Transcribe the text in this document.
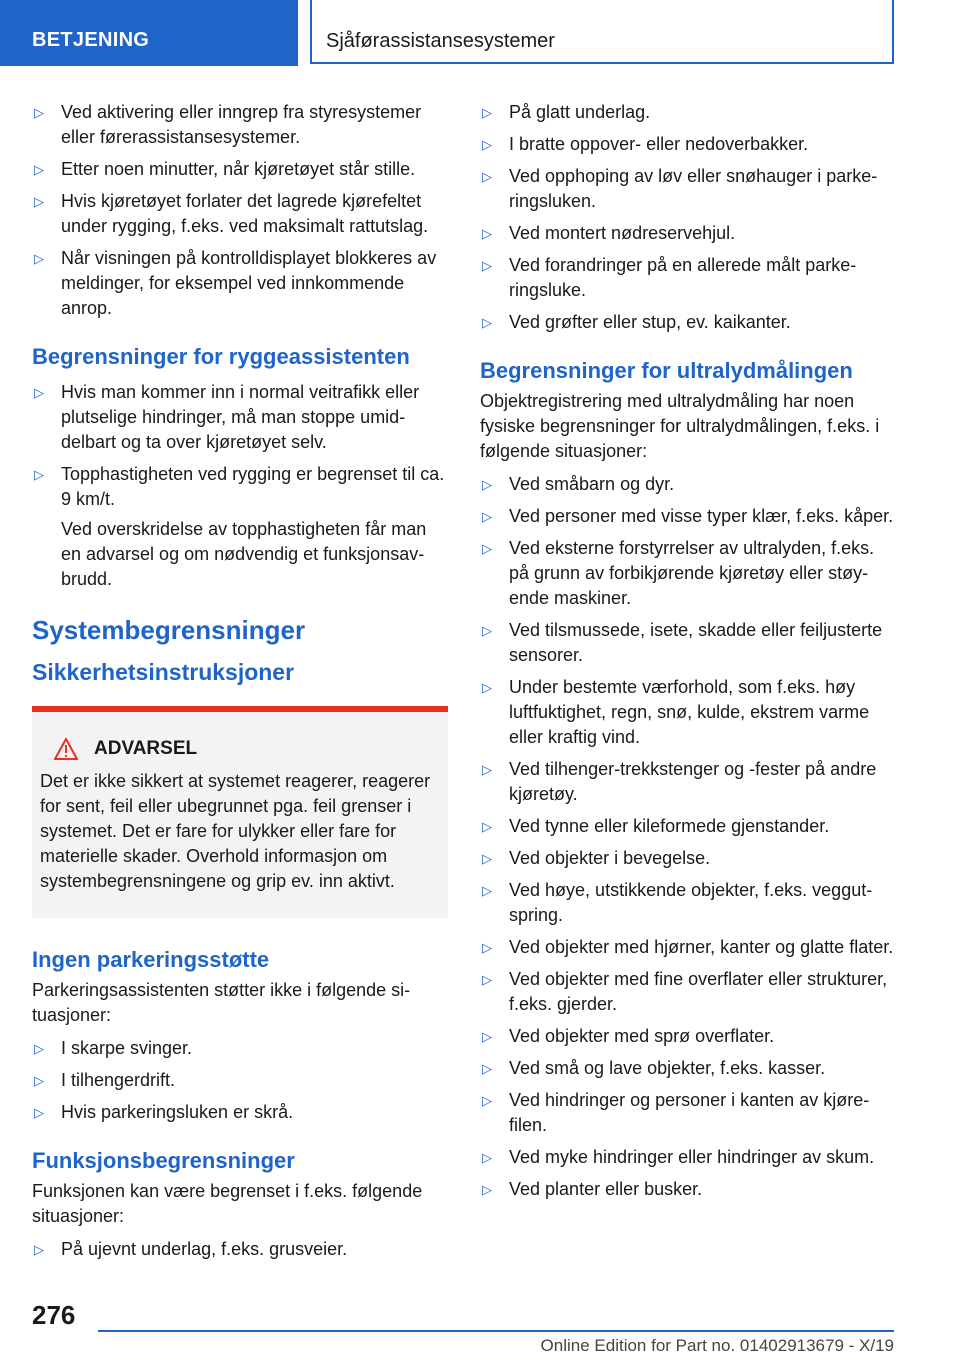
BETJENING	Sjåførassistansesystemer
▷ Ved aktivering eller inngrep fra styresystemer eller førerassistansesystemer.
▷ Etter noen minutter, når kjøretøyet står stille.
▷ Hvis kjøretøyet forlater det lagrede kjørefeltet under rygging, f.eks. ved maksimalt rattutslag.
▷ Når visningen på kontrolldisplayet blokkeres av meldinger, for eksempel ved innkommende anrop.
Begrensninger for ryggeassistenten
▷ Hvis man kommer inn i normal veitrafikk eller plutselige hindringer, må man stoppe umiddelbart og ta over kjøretøyet selv.
▷ Topphastigheten ved rygging er begrenset til ca. 9 km/t.
Ved overskridelse av topphastigheten får man en advarsel og om nødvendig et funksjonsavbrudd.
Systembegrensninger
Sikkerhetsinstruksjoner
ADVARSEL
Det er ikke sikkert at systemet reagerer, reagerer for sent, feil eller ubegrunnet pga. feil grenser i systemet. Det er fare for ulykker eller fare for materielle skader. Overhold informasjon om systembegrensningene og grip ev. inn aktivt.
Ingen parkeringsstøtte

Parkeringsassistenten støtter ikke i følgende situasjoner:

▷ I skarpe svinger.
▷ I tilhengerdrift.
▷ Hvis parkeringsluken er skrå.
Funksjonsbegrensninger

Funksjonen kan være begrenset i f.eks. følgende situasjoner:

▷ På ujevnt underlag, f.eks. grusveier.
▷ På glatt underlag.
▷ I bratte oppover- eller nedoverbakker.
▷ Ved opphoping av løv eller snøhauger i parkeringsluken.
▷ Ved montert nødreservehjul.
▷ Ved forandringer på en allerede målt parkeringsluke.
▷ Ved grøfter eller stup, ev. kaikanter.
Begrensninger for ultralydmålingen

Objektregistrering med ultralydmåling har noen fysiske begrensninger for ultralydmålingen, f.eks. i følgende situasjoner:

▷ Ved småbarn og dyr.
▷ Ved personer med visse typer klær, f.eks. kåper.
▷ Ved eksterne forstyrrelser av ultralyden, f.eks. på grunn av forbikjørende kjøretøy eller støyende maskiner.
▷ Ved tilsmussede, isete, skadde eller feiljusterte sensorer.
▷ Under bestemte værforhold, som f.eks. høy luftfuktighet, regn, snø, kulde, ekstrem varme eller kraftig vind.
▷ Ved tilhenger-trekkstenger og -fester på andre kjøretøy.
▷ Ved tynne eller kileformede gjenstander.
▷ Ved objekter i bevegelse.
▷ Ved høye, utstikkende objekter, f.eks. veggutspring.
▷ Ved objekter med hjørner, kanter og glatte flater.
▷ Ved objekter med fine overflater eller strukturer, f.eks. gjerder.
▷ Ved objekter med sprø overflater.
▷ Ved små og lave objekter, f.eks. kasser.
▷ Ved hindringer og personer i kanten av kjørefilen.
▷ Ved myke hindringer eller hindringer av skum.
▷ Ved planter eller busker.
276
Online Edition for Part no. 01402913679 - X/19
